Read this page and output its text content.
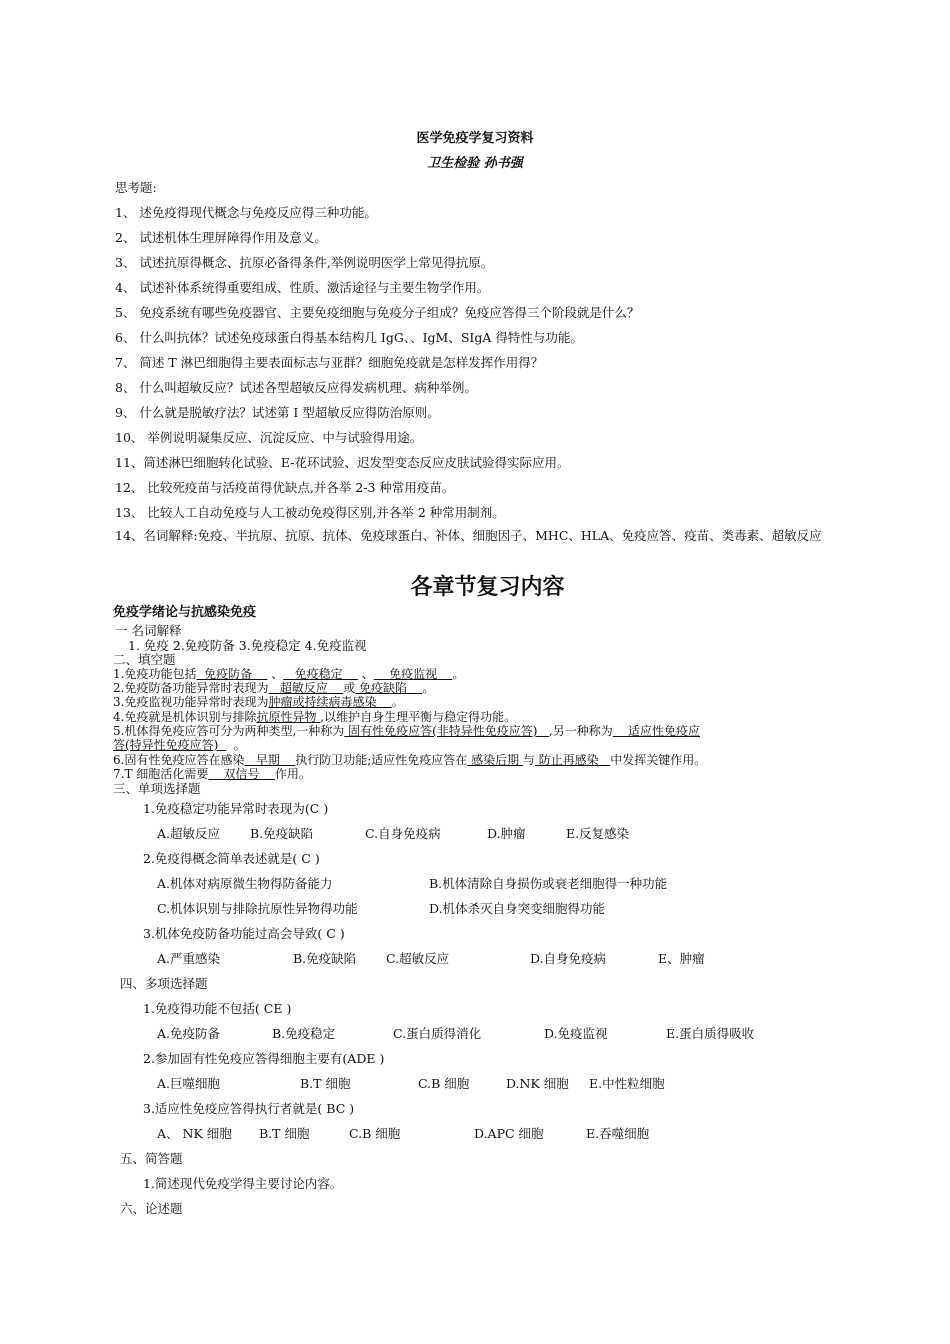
医学免疫学复习资料
卫生检验 孙书强
思考题:
1、 述免疫得现代概念与免疫反应得三种功能。
2、 试述机体生理屏障得作用及意义。
3、 试述抗原得概念、抗原必备得条件,举例说明医学上常见得抗原。
4、 试述补体系统得重要组成、性质、激活途径与主要生物学作用。
5、 免疫系统有哪些免疫器官、主要免疫细胞与免疫分子组成？免疫应答得三个阶段就是什么？
6、 什么叫抗体？试述免疫球蛋白得基本结构几 IgG、、IgM、SIgA 得特性与功能。
7、 简述 T 淋巴细胞得主要表面标志与亚群？细胞免疫就是怎样发挥作用得？
8、 什么叫超敏反应？试述各型超敏反应得发病机理、病种举例。
9、 什么就是脱敏疗法？试述第 I 型超敏反应得防治原则。
10、 举例说明凝集反应、沉淀反应、中与试验得用途。
11、简述淋巴细胞转化试验、E-花环试验、迟发型变态反应皮肤试验得实际应用。
12、 比较死疫苗与活疫苗得优缺点,并各举 2-3 种常用疫苗。
13、 比较人工自动免疫与人工被动免疫得区别,并各举 2 种常用制剂。
14、名词解释:免疫、半抗原、抗原、抗体、免疫球蛋白、补体、细胞因子、MHC、HLA、免疫应答、疫苗、类毒素、超敏反应
各章节复习内容
免疫学绪论与抗感染免疫
一 名词解释
1. 免疫 2.免疫防备 3.免疫稳定 4.免疫监视
二、填空题
1.免疫功能包括 免疫防备 、 免疫稳定 、 免疫监视 。
2.免疫防备功能异常时表现为 超敏反应 或 免疫缺陷 。
3.免疫监视功能异常时表现为肿瘤或持续病毒感染 。
4.免疫就是机体识别与排除抗原性异物 ,以维护自身生理平衡与稳定得功能。
5.机体得免疫应答可分为两种类型,一种称为 固有性免疫应答(非特异性免疫应答) ,另一种称为 适应性免疫应
答(特异性免疫应答) 。
6.固有性免疫应答在感染 早期 执行防卫功能;适应性免疫应答在 感染后期 与 防止再感染 中发挥关键作用。
7.T 细胞活化需要 双信号 作用。
三、单项选择题
1.免疫稳定功能异常时表现为(C )
A.超敏反应 B.免疫缺陷	C.自身免疫病	D.肿瘤	E.反复感染
2.免疫得概念简单表述就是( C )
A.机体对病原微生物得防备能力	B.机体清除自身损伤或衰老细胞得一种功能
C.机体识别与排除抗原性异物得功能	D.机体杀灭自身突变细胞得功能
3.机体免疫防备功能过高会导致( C )
A.严重感染	B.免疫缺陷 C.超敏反应	D.自身免疫病	E、肿瘤
四、多项选择题
1.免疫得功能不包括( CE )
A.免疫防备	B.免疫稳定	C.蛋白质得消化	D.免疫监视	E.蛋白质得吸收
2.参加固有性免疫应答得细胞主要有(ADE )
A.巨噬细胞	B.T 细胞	C.B 细胞	D.NK 细胞 E.中性粒细胞
3.适应性免疫应答得执行者就是( BC )
A、 NK 细胞 B.T 细胞	C.B 细胞	D.APC 细胞	E.吞噬细胞
五、简答题
1.简述现代免疫学得主要讨论内容。
六、论述题
